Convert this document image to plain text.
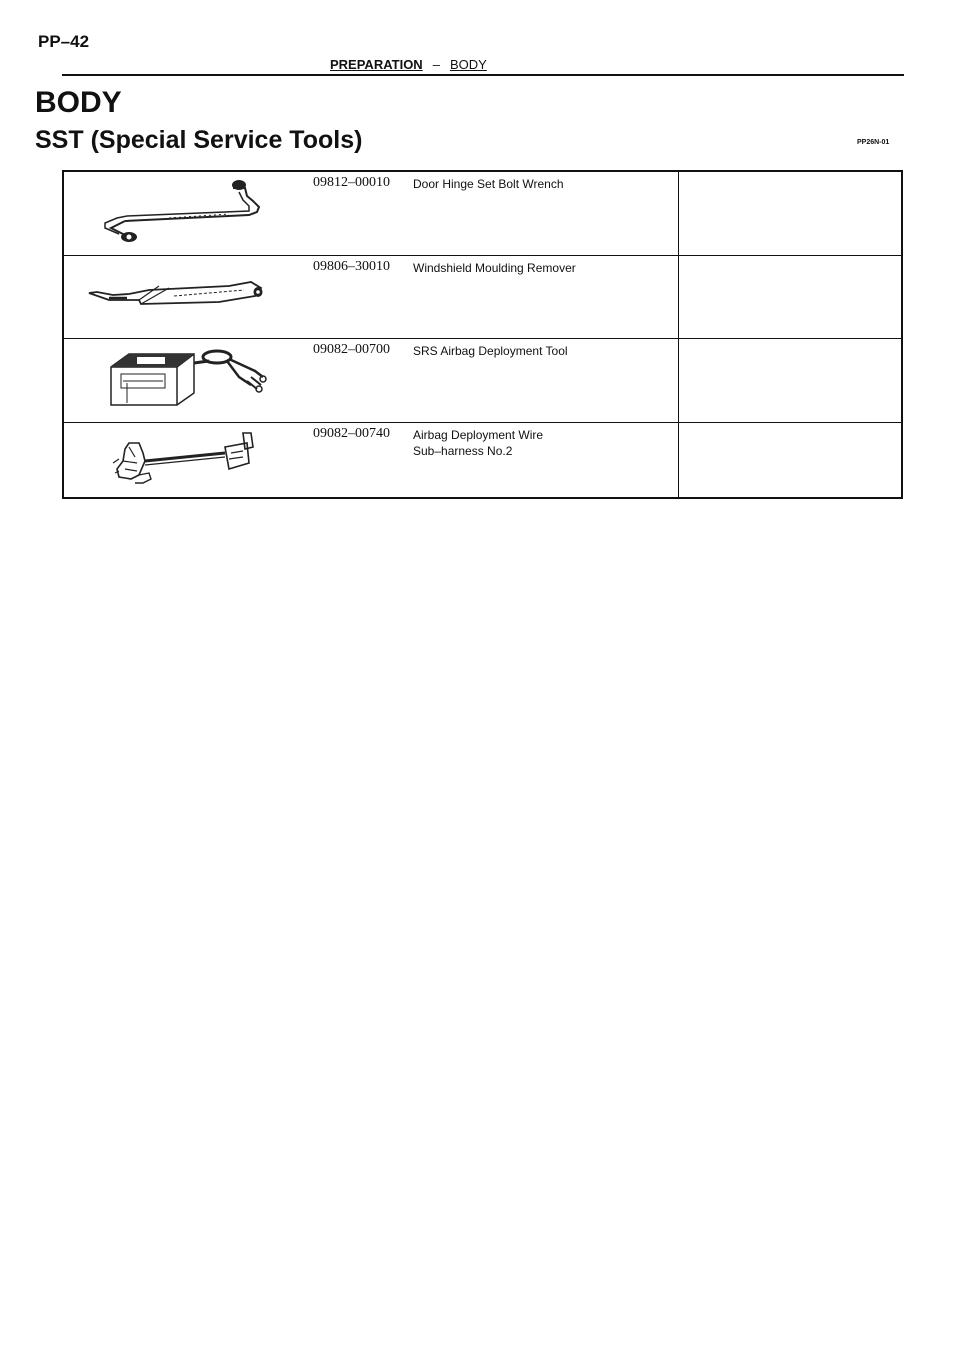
PP–42
PREPARATION – BODY
BODY
SST (Special Service Tools)	PP26N-01
09812–00010 Door Hinge Set Bolt Wrench
09806–30010 Windshield Moulding Remover
09082–00700 SRS Airbag Deployment Tool
09082–00740 Airbag Deployment Wire
Sub–harness No.2
